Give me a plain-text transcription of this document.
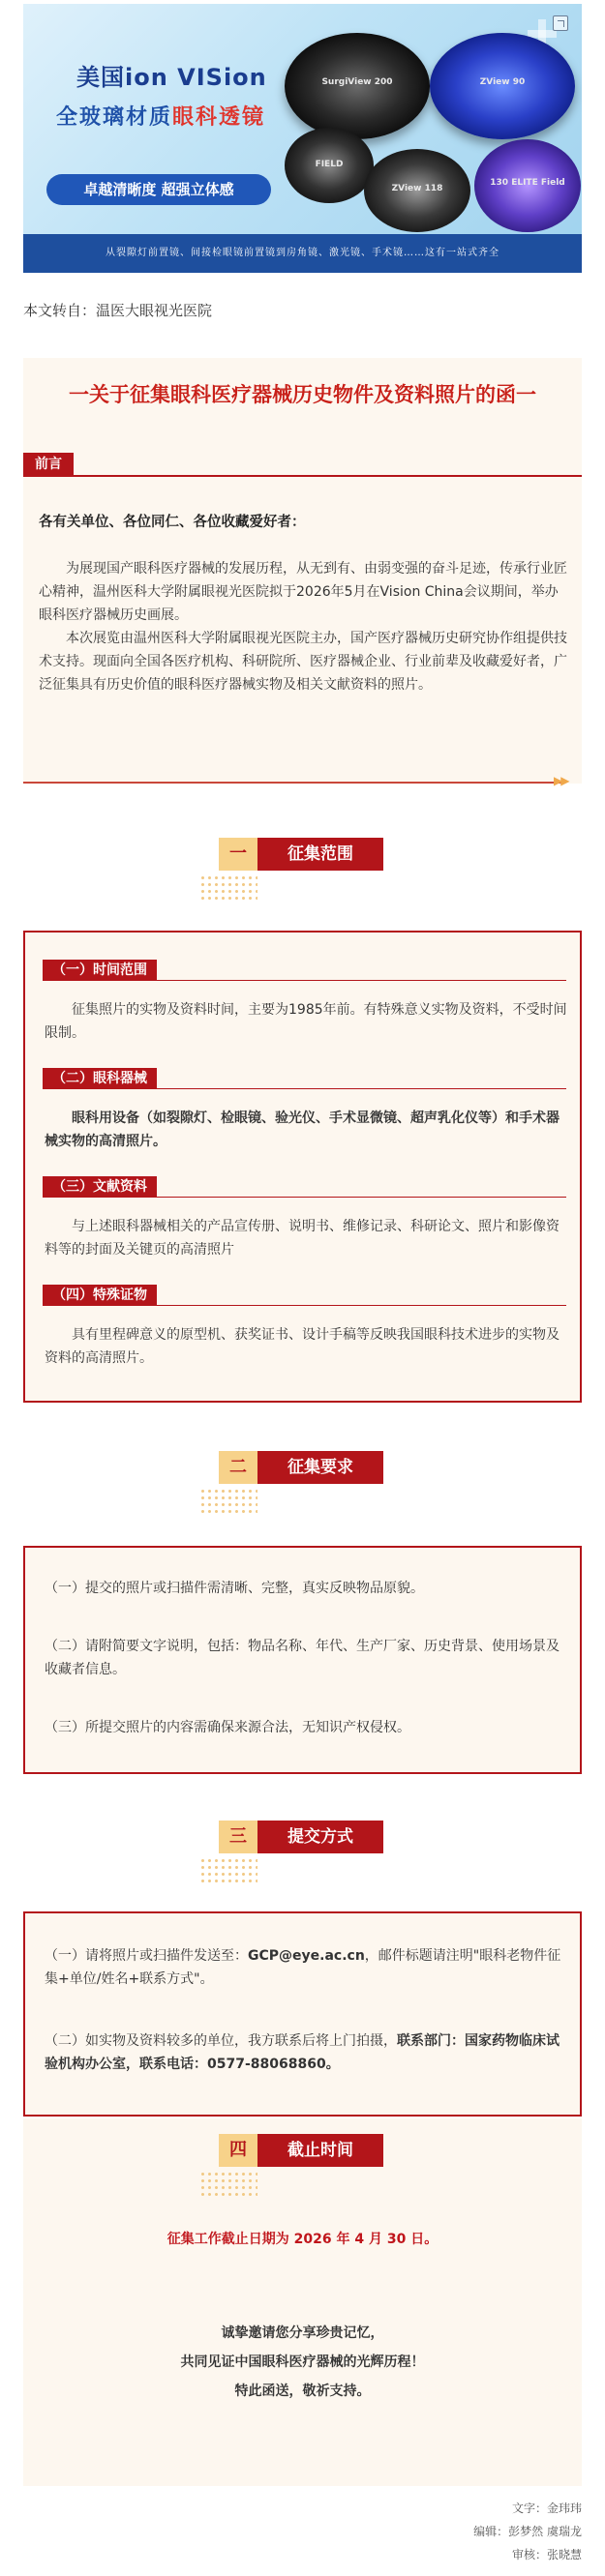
SurgiView 200	ZView 90
FIELD
ZView 118
130 ELITE Field
美国ion VISion
全玻璃材质眼科透镜
卓越清晰度 超强立体感
从裂隙灯前置镜、间接检眼镜前置镜到房角镜、激光镜、手术镜……这有一站式齐全
本文转自：温医大眼视光医院
一关于征集眼科医疗器械历史物件及资料照片的函一
前言
各有关单位、各位同仁、各位收藏爱好者：
为展现国产眼科医疗器械的发展历程，从无到有、由弱变强的奋斗足迹，传承行业匠心精神，温州医科大学附属眼视光医院拟于2026年5月在Vision China会议期间，举办眼科医疗器械历史画展。
本次展览由温州医科大学附属眼视光医院主办，国产医疗器械历史研究协作组提供技术支持。现面向全国各医疗机构、科研院所、医疗器械企业、行业前辈及收藏爱好者，广泛征集具有历史价值的眼科医疗器械实物及相关文献资料的照片。
▶▶
一	征集范围
（一）时间范围
征集照片的实物及资料时间，主要为1985年前。有特殊意义实物及资料，不受时间限制。
（二）眼科器械
眼科用设备（如裂隙灯、检眼镜、验光仪、手术显微镜、超声乳化仪等）和手术器械实物的高清照片。
（三）文献资料
与上述眼科器械相关的产品宣传册、说明书、维修记录、科研论文、照片和影像资料等的封面及关键页的高清照片
（四）特殊证物
具有里程碑意义的原型机、获奖证书、设计手稿等反映我国眼科技术进步的实物及资料的高清照片。
二	征集要求
（一）提交的照片或扫描件需清晰、完整，真实反映物品原貌。
（二）请附简要文字说明，包括：物品名称、年代、生产厂家、历史背景、使用场景及收藏者信息。
（三）所提交照片的内容需确保来源合法，无知识产权侵权。
三	提交方式
（一）请将照片或扫描件发送至：GCP@eye.ac.cn，邮件标题请注明"眼科老物件征集+单位/姓名+联系方式"。
（二）如实物及资料较多的单位，我方联系后将上门拍摄，联系部门：国家药物临床试验机构办公室，联系电话：0577-88068860。
四	截止时间
征集工作截止日期为 2026 年 4 月 30 日。
诚挚邀请您分享珍贵记忆，
共同见证中国眼科医疗器械的光辉历程！
特此函送，敬祈支持。
文字：金玮玮
编辑：彭梦然 虞瑞龙
审核：张晓慧
